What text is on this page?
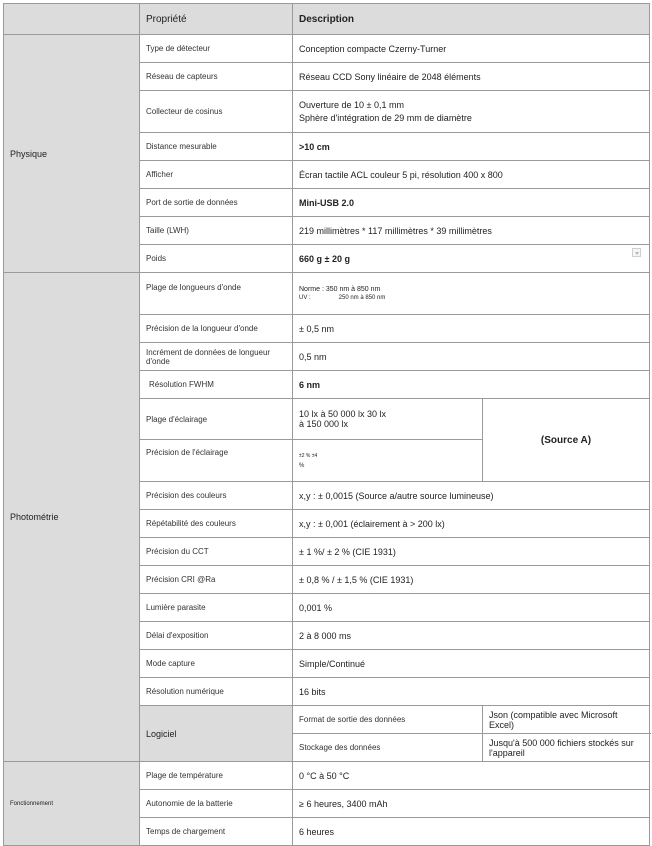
	Propriété	Description	
Physique	Type de détecteur	Conception compacte Czerny-Turner	
	Réseau de capteurs	Réseau CCD Sony linéaire de 2048 éléments	
	Collecteur de cosinus	Ouverture de 10 ± 0,1 mm
Sphère d'intégration de 29 mm de diamètre	

	Distance mesurable	>10 cm	
	Afficher	Écran tactile ACL couleur 5 pi, résolution 400 x 800	
	Port de sortie de données	Mini-USB 2.0	
	Taille (LWH)	219 millimètres * 117 millimètres * 39 millimètres	
	Poids	660 g ± 20 g	
Photométrie	Plage de longueurs d'onde	Norme : 350 nm à 850 nm
UV : 250 nm à 850 nm	

	Précision de la longueur d'onde	± 0,5 nm	
	Incrément de données de longueur d'onde	0,5 nm	
	Résolution FWHM	6 nm	
	Plage d'éclairage	10 lx à 50 000 lx 30 lx
à 150 000 lx	(Source A)
	Précision de l'éclairage	±2 % ±4
%	

	Précision des couleurs	x,y : ± 0,0015 (Source a/autre source lumineuse)	
	Répétabilité des couleurs	x,y : ± 0,001 (éclairement à > 200 lx)	
	Précision du CCT	± 1 %/ ± 2 % (CIE 1931)	
	Précision CRI @Ra	± 0,8 % / ± 1,5 % (CIE 1931)	
	Lumière parasite	0,001 %	
	Délai d'exposition	2 à 8 000 ms	
	Mode capture	Simple/Continué	
	Résolution numérique	16 bits	
	Logiciel	Format de sortie des données	Json (compatible avec Microsoft Excel)
		Stockage des données	Jusqu'à 500 000 fichiers stockés sur l'appareil
Fonctionnement	Plage de température	0 °C à 50 °C	
	Autonomie de la batterie	≥ 6 heures, 3400 mAh	
	Temps de chargement	6 heures	
